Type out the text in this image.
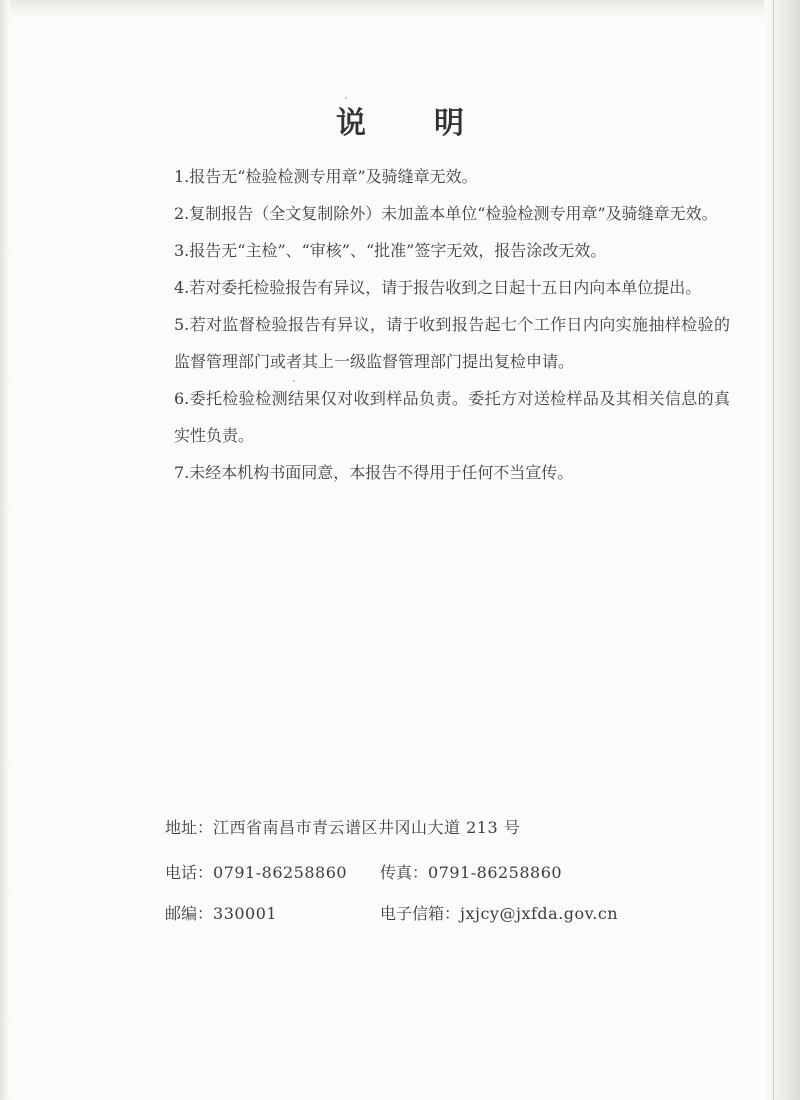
说明

1.报告无“检验检测专用章”及骑缝章无效。

2.复制报告（全文复制除外）未加盖本单位“检验检测专用章”及骑缝章无效。

3.报告无“主检”、“审核”、“批准”签字无效，报告涂改无效。

4.若对委托检验报告有异议，请于报告收到之日起十五日内向本单位提出。

5.若对监督检验报告有异议，请于收到报告起七个工作日内向实施抽样检验的监督管理部门或者其上一级监督管理部门提出复检申请。

6.委托检验检测结果仅对收到样品负责。委托方对送检样品及其相关信息的真实性负责。

7.未经本机构书面同意，本报告不得用于任何不当宣传。

地址：江西省南昌市青云谱区井冈山大道 213 号
电话：0791-86258860 传真：0791-86258860
邮编：330001	电子信箱：jxjcy@jxfda.gov.cn
